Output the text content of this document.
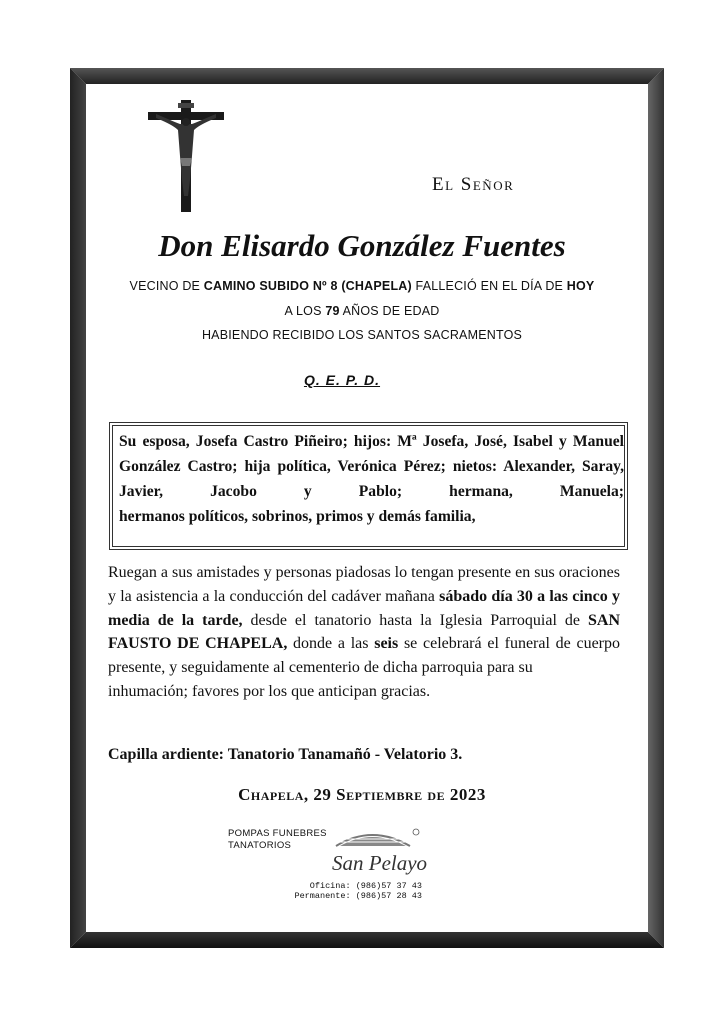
El Señor
Don Elisardo González Fuentes
VECINO DE CAMINO SUBIDO Nº 8 (CHAPELA) FALLECIÓ EN EL DÍA DE HOY
A LOS 79 AÑOS DE EDAD
HABIENDO RECIBIDO LOS SANTOS SACRAMENTOS
Q. E. P. D.
Su esposa, Josefa Castro Piñeiro; hijos: Mª Josefa, José, Isabel y Manuel González Castro; hija política, Verónica Pérez; nietos: Alexander, Saray, Javier, Jacobo y Pablo; hermana, Manuela;
hermanos políticos, sobrinos, primos y demás familia,
Ruegan a sus amistades y personas piadosas lo tengan presente en sus oraciones y la asistencia a la conducción del cadáver mañana sábado día 30 a las cinco y media de la tarde, desde el tanatorio hasta la Iglesia Parroquial de SAN FAUSTO DE CHAPELA, donde a las seis se celebrará el funeral de cuerpo presente, y seguidamente al cementerio de dicha parroquia para su
inhumación; favores por los que anticipan gracias.
Capilla ardiente: Tanatorio Tanamañó - Velatorio 3.
Chapela, 29 Septiembre de 2023
POMPAS FUNEBRES
TANATORIOS
San Pelayo
Oficina: (986)57 37 43
Permanente: (986)57 28 43
